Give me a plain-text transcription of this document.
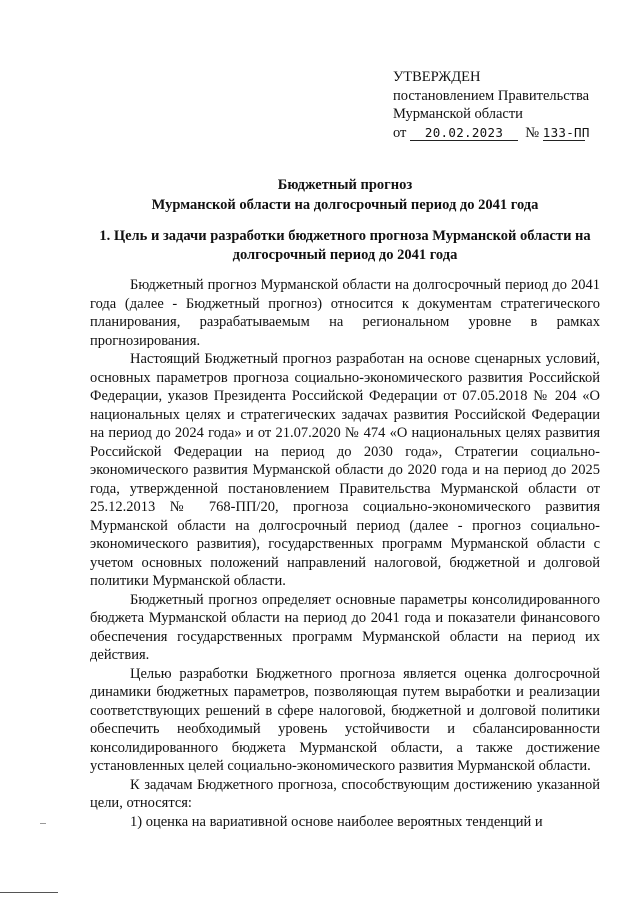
УТВЕРЖДЕН
постановлением Правительства
Мурманской области
от 20.02.2023 № 133-ПП
Бюджетный прогноз
Мурманской области на долгосрочный период до 2041 года
1. Цель и задачи разработки бюджетного прогноза Мурманской области на долгосрочный период до 2041 года

Бюджетный прогноз Мурманской области на долгосрочный период до 2041 года (далее - Бюджетный прогноз) относится к документам стратегического планирования, разрабатываемым на региональном уровне в рамках прогнозирования.

Настоящий Бюджетный прогноз разработан на основе сценарных условий, основных параметров прогноза социально-экономического развития Российской Федерации, указов Президента Российской Федерации от 07.05.2018 № 204 «О национальных целях и стратегических задачах развития Российской Федерации на период до 2024 года» и от 21.07.2020 № 474 «О национальных целях развития Российской Федерации на период до 2030 года», Стратегии социально-экономического развития Мурманской области до 2020 года и на период до 2025 года, утвержденной постановлением Правительства Мурманской области от 25.12.2013 № 768-ПП/20, прогноза социально-экономического развития Мурманской области на долгосрочный период (далее - прогноз социально-экономического развития), государственных программ Мурманской области с учетом основных положений направлений налоговой, бюджетной и долговой политики Мурманской области.

Бюджетный прогноз определяет основные параметры консолидированного бюджета Мурманской области на период до 2041 года и показатели финансового обеспечения государственных программ Мурманской области на период их действия.

Целью разработки Бюджетного прогноза является оценка долгосрочной динамики бюджетных параметров, позволяющая путем выработки и реализации соответствующих решений в сфере налоговой, бюджетной и долговой политики обеспечить необходимый уровень устойчивости и сбалансированности консолидированного бюджета Мурманской области, а также достижение установленных целей социально-экономического развития Мурманской области.

К задачам Бюджетного прогноза, способствующим достижению указанной цели, относятся:

1) оценка на вариативной основе наиболее вероятных тенденций и
